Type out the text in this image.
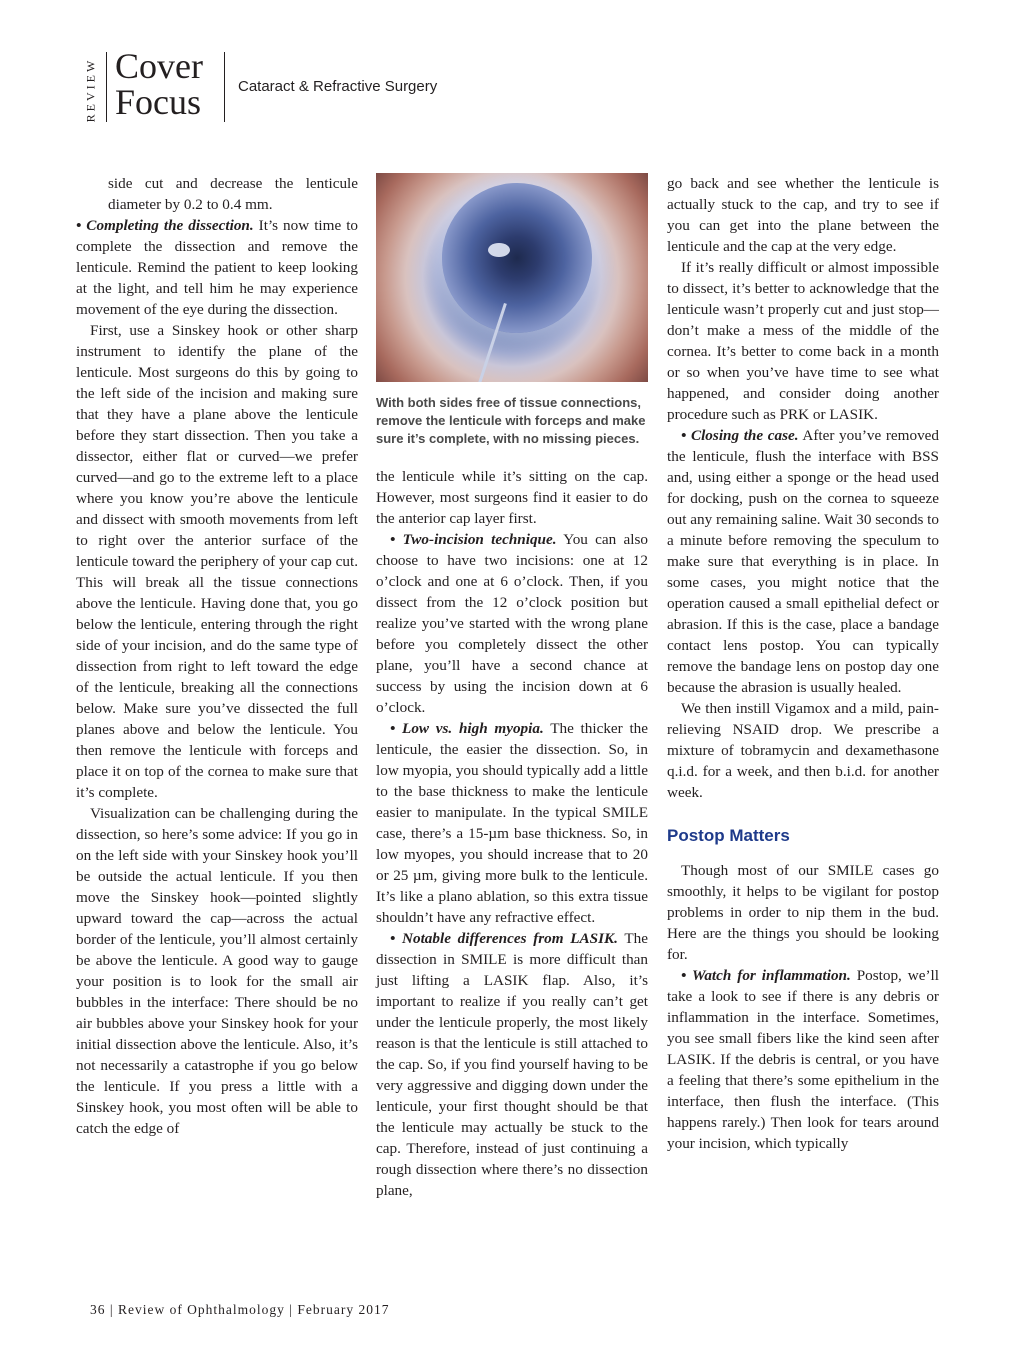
REVIEW Cover
Focus Cataract & Refractive Surgery

side cut and decrease the lenticule diameter by 0.2 to 0.4 mm.

• Completing the dissection. It’s now time to complete the dissection and remove the lenticule. Remind the patient to keep looking at the light, and tell him he may experience movement of the eye during the dissection.

First, use a Sinskey hook or other sharp instrument to identify the plane of the lenticule. Most surgeons do this by going to the left side of the incision and making sure that they have a plane above the lenticule before they start dissection. Then you take a dissector, either flat or curved—we prefer curved—and go to the extreme left to a place where you know you’re above the lenticule and dissect with smooth movements from left to right over the anterior surface of the lenticule toward the periphery of your cap cut. This will break all the tissue connections above the lenticule. Having done that, you go below the lenticule, entering through the right side of your incision, and do the same type of dissection from right to left toward the edge of the lenticule, breaking all the connections below. Make sure you’ve dissected the full planes above and below the lenticule. You then remove the lenticule with forceps and place it on top of the cornea to make sure that it’s complete.

Visualization can be challenging during the dissection, so here’s some advice: If you go in on the left side with your Sinskey hook you’ll be outside the actual lenticule. If you then move the Sinskey hook—pointed slightly upward toward the cap—across the actual border of the lenticule, you’ll almost certainly be above the lenticule. A good way to gauge your position is to look for the small air bubbles in the interface: There should be no air bubbles above your Sinskey hook for your initial dissection above the lenticule. Also, it’s not necessarily a catastrophe if you go below the lenticule. If you press a little with a Sinskey hook, you most often will be able to catch the edge of

With both sides free of tissue connections, remove the lenticule with forceps and make sure it’s complete, with no missing pieces.

the lenticule while it’s sitting on the cap. However, most surgeons find it easier to do the anterior cap layer first.

• Two-incision technique. You can also choose to have two incisions: one at 12 o’clock and one at 6 o’clock. Then, if you dissect from the 12 o’clock position but realize you’ve started with the wrong plane before you completely dissect the other plane, you’ll have a second chance at success by using the incision down at 6 o’clock.

• Low vs. high myopia. The thicker the lenticule, the easier the dissection. So, in low myopia, you should typically add a little to the base thickness to make the lenticule easier to manipulate. In the typical SMILE case, there’s a 15-µm base thickness. So, in low myopes, you should increase that to 20 or 25 µm, giving more bulk to the lenticule. It’s like a plano ablation, so this extra tissue shouldn’t have any refractive effect.

• Notable differences from LASIK. The dissection in SMILE is more difficult than just lifting a LASIK flap. Also, it’s important to realize if you really can’t get under the lenticule properly, the most likely reason is that the lenticule is still attached to the cap. So, if you find yourself having to be very aggressive and digging down under the lenticule, your first thought should be that the lenticule may actually be stuck to the cap. Therefore, instead of just continuing a rough dissection where there’s no dissection plane,

go back and see whether the lenticule is actually stuck to the cap, and try to see if you can get into the plane between the lenticule and the cap at the very edge.

If it’s really difficult or almost impossible to dissect, it’s better to acknowledge that the lenticule wasn’t properly cut and just stop—don’t make a mess of the middle of the cornea. It’s better to come back in a month or so when you’ve have time to see what happened, and consider doing another procedure such as PRK or LASIK.

• Closing the case. After you’ve removed the lenticule, flush the interface with BSS and, using either a sponge or the head used for docking, push on the cornea to squeeze out any remaining saline. Wait 30 seconds to a minute before removing the speculum to make sure that everything is in place. In some cases, you might notice that the operation caused a small epithelial defect or abrasion. If this is the case, place a bandage contact lens postop. You can typically remove the bandage lens on postop day one because the abrasion is usually healed.

We then instill Vigamox and a mild, pain-relieving NSAID drop. We prescribe a mixture of tobramycin and dexamethasone q.i.d. for a week, and then b.i.d. for another week.

Postop Matters

Though most of our SMILE cases go smoothly, it helps to be vigilant for postop problems in order to nip them in the bud. Here are the things you should be looking for.

• Watch for inflammation. Postop, we’ll take a look to see if there is any debris or inflammation in the interface. Sometimes, you see small fibers like the kind seen after LASIK. If the debris is central, or you have a feeling that there’s some epithelium in the interface, then flush the interface. (This happens rarely.) Then look for tears around your incision, which typically

36 | Review of Ophthalmology | February 2017
